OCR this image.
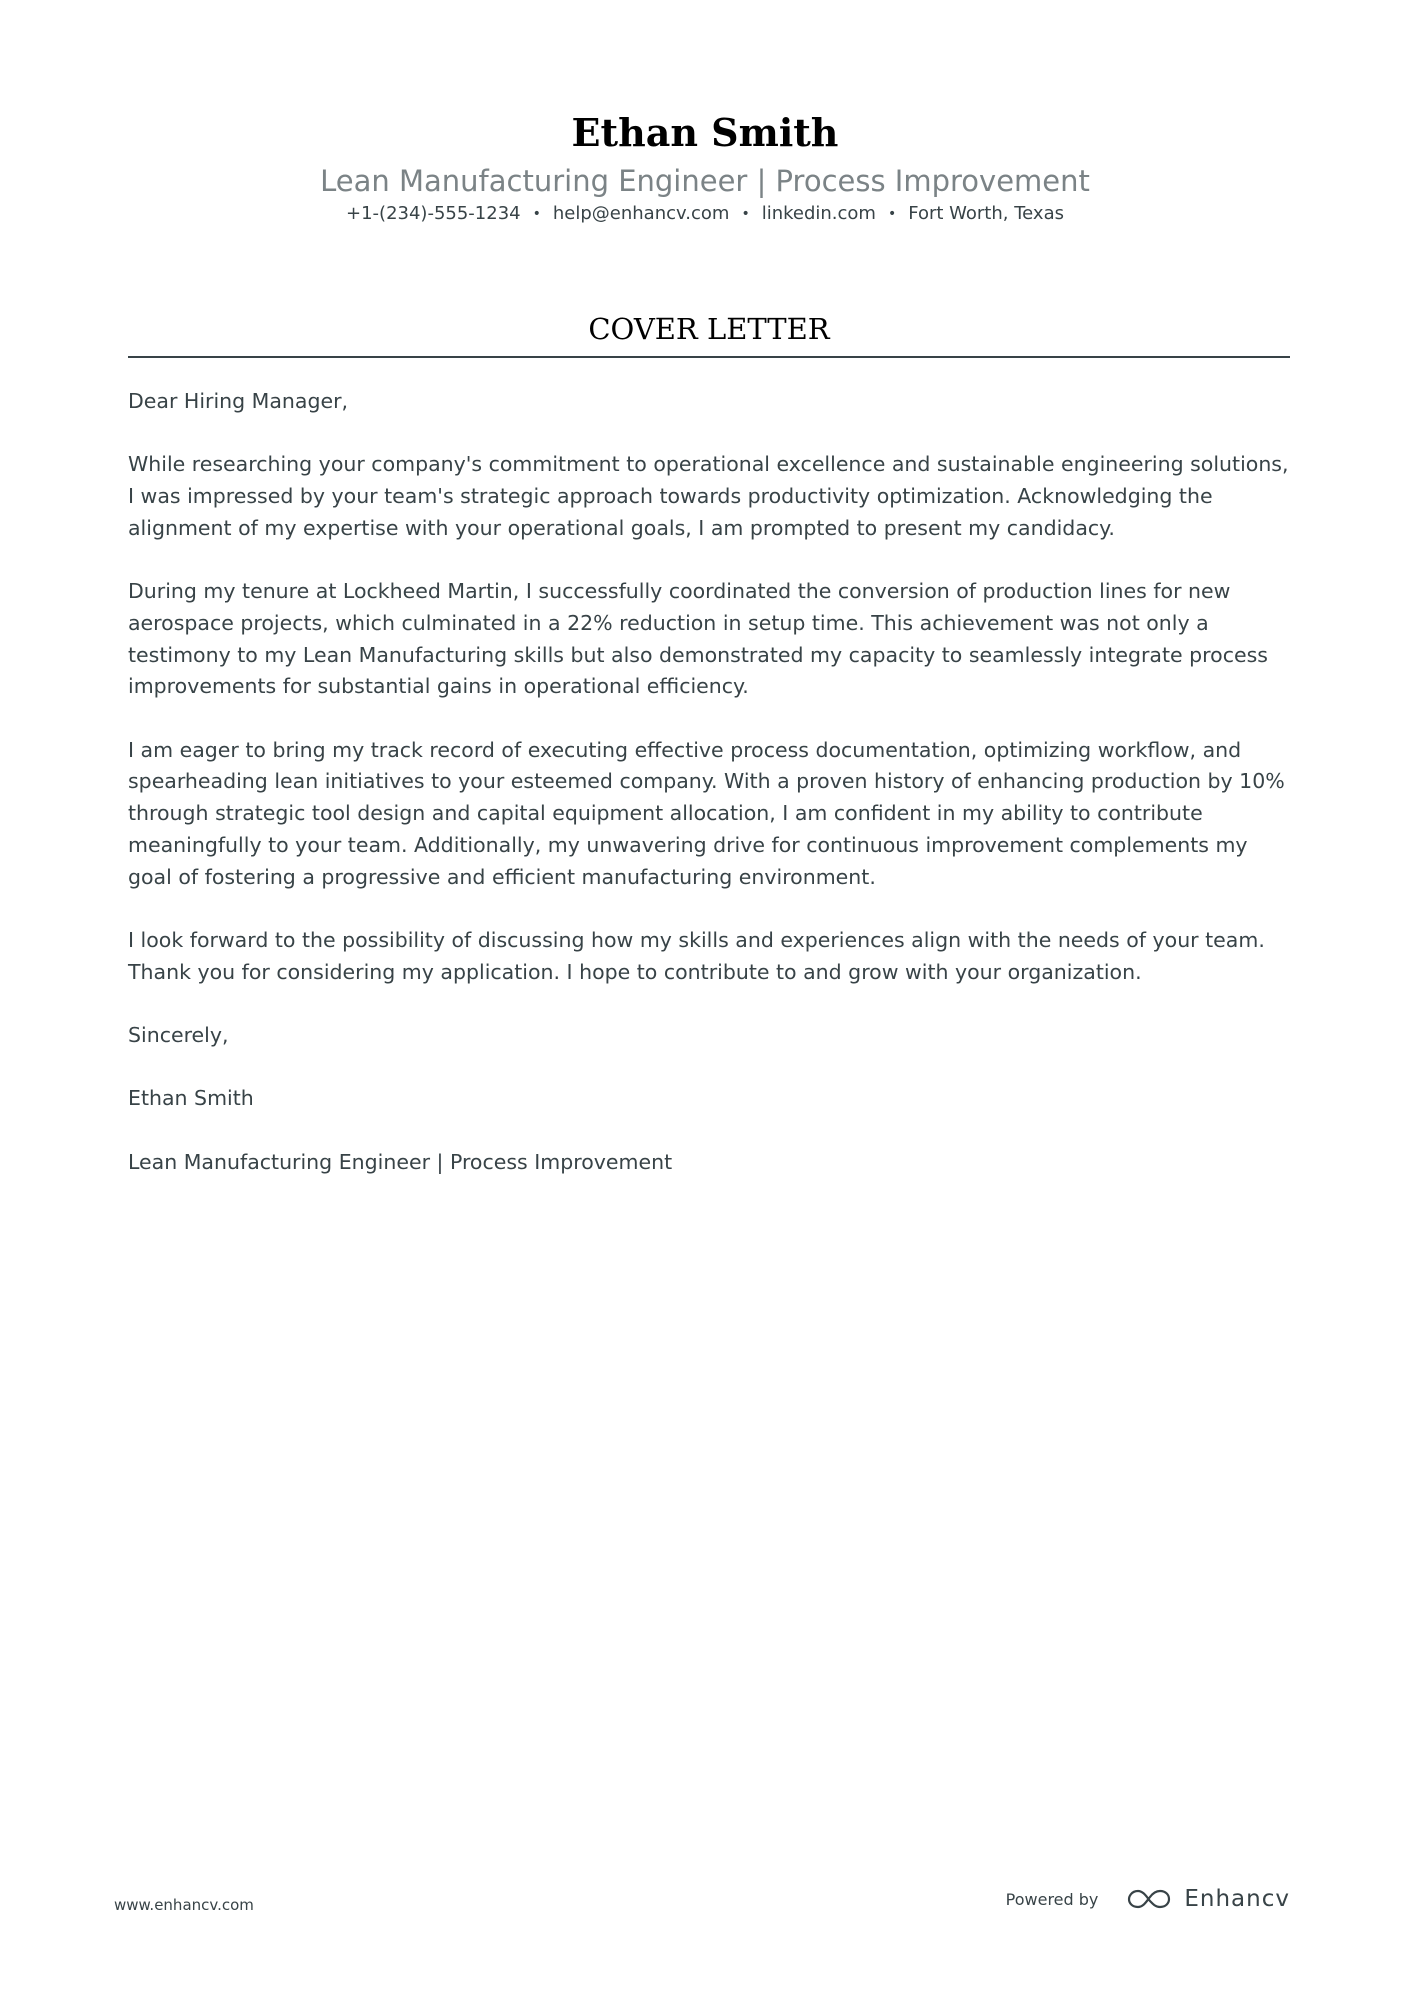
Ethan Smith
Lean Manufacturing Engineer | Process Improvement
+1-(234)-555-1234 • help@enhancv.com • linkedin.com • Fort Worth, Texas
COVER LETTER

Dear Hiring Manager,

While researching your company's commitment to operational excellence and sustainable engineering solutions, I was impressed by your team's strategic approach towards productivity optimization. Acknowledging the alignment of my expertise with your operational goals, I am prompted to present my candidacy.

During my tenure at Lockheed Martin, I successfully coordinated the conversion of production lines for new aerospace projects, which culminated in a 22% reduction in setup time. This achievement was not only a testimony to my Lean Manufacturing skills but also demonstrated my capacity to seamlessly integrate process improvements for substantial gains in operational efficiency.

I am eager to bring my track record of executing effective process documentation, optimizing workflow, and spearheading lean initiatives to your esteemed company. With a proven history of enhancing production by 10% through strategic tool design and capital equipment allocation, I am confident in my ability to contribute meaningfully to your team. Additionally, my unwavering drive for continuous improvement complements my goal of fostering a progressive and efficient manufacturing environment.

I look forward to the possibility of discussing how my skills and experiences align with the needs of your team. Thank you for considering my application. I hope to contribute to and grow with your organization.

Sincerely,

Ethan Smith

Lean Manufacturing Engineer | Process Improvement

www.enhancv.com	Powered by	Enhancv
